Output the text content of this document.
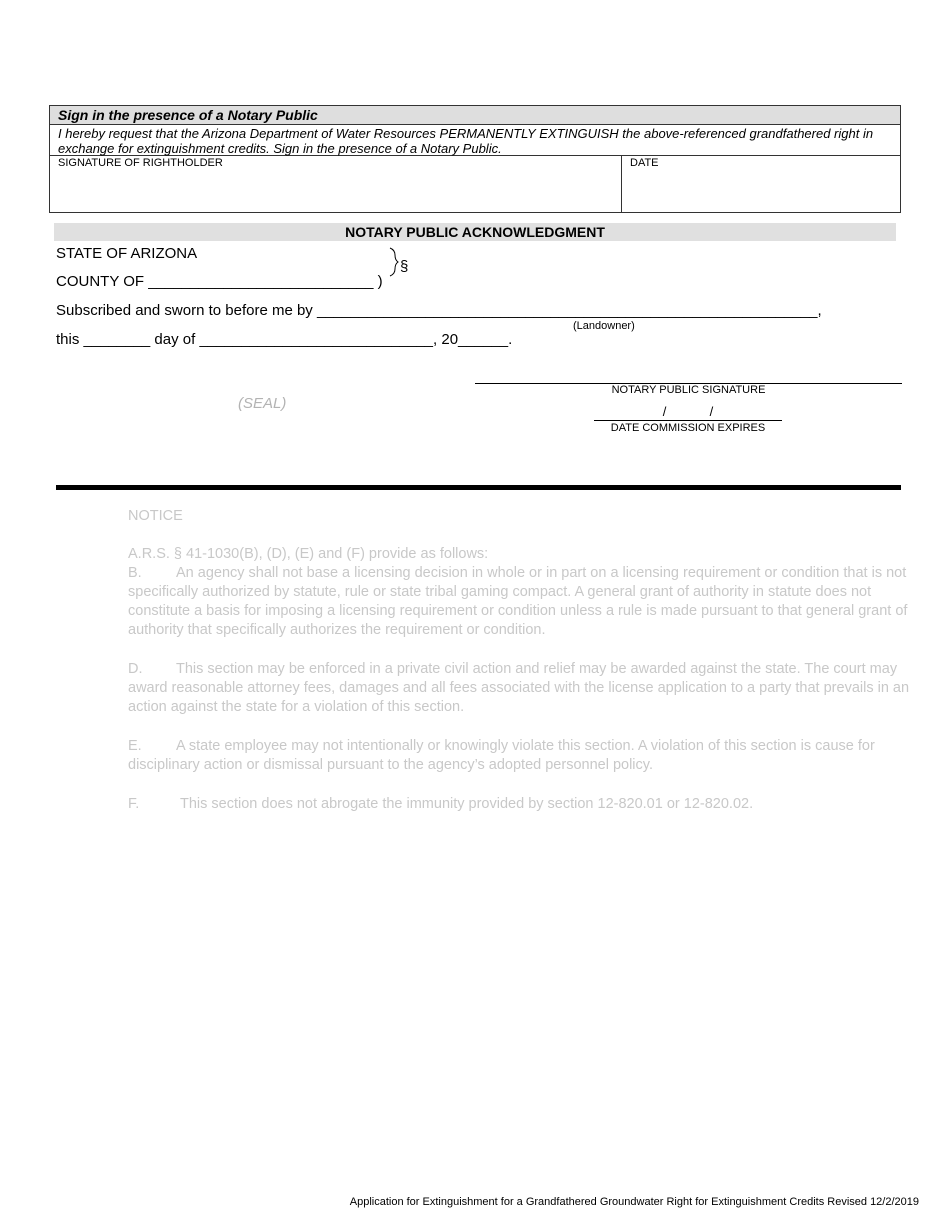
Sign in the presence of a Notary Public
I hereby request that the Arizona Department of Water Resources PERMANENTLY EXTINGUISH the above-referenced grandfathered right in exchange for extinguishment credits. Sign in the presence of a Notary Public.
SIGNATURE OF RIGHTHOLDER	DATE
NOTARY PUBLIC ACKNOWLEDGMENT
STATE OF ARIZONA
COUNTY OF ___________________________ )
§
Subscribed and sworn to before me by ____________________________________________________________,
(Landowner)
this ________ day of ____________________________, 20______.
(SEAL)
NOTARY PUBLIC SIGNATURE
/            /
DATE COMMISSION EXPIRES
NOTICE

A.R.S. § 41-1030(B), (D), (E) and (F) provide as follows:

B. An agency shall not base a licensing decision in whole or in part on a licensing requirement or condition that is not specifically authorized by statute, rule or state tribal gaming compact. A general grant of authority in statute does not constitute a basis for imposing a licensing requirement or condition unless a rule is made pursuant to that general grant of authority that specifically authorizes the requirement or condition.

D. This section may be enforced in a private civil action and relief may be awarded against the state. The court may award reasonable attorney fees, damages and all fees associated with the license application to a party that prevails in an action against the state for a violation of this section.

E. A state employee may not intentionally or knowingly violate this section. A violation of this section is cause for disciplinary action or dismissal pursuant to the agency’s adopted personnel policy.

F.	This section does not abrogate the immunity provided by section 12-820.01 or 12-820.02.

Application for Extinguishment for a Grandfathered Groundwater Right for Extinguishment Credits Revised 12/2/2019
